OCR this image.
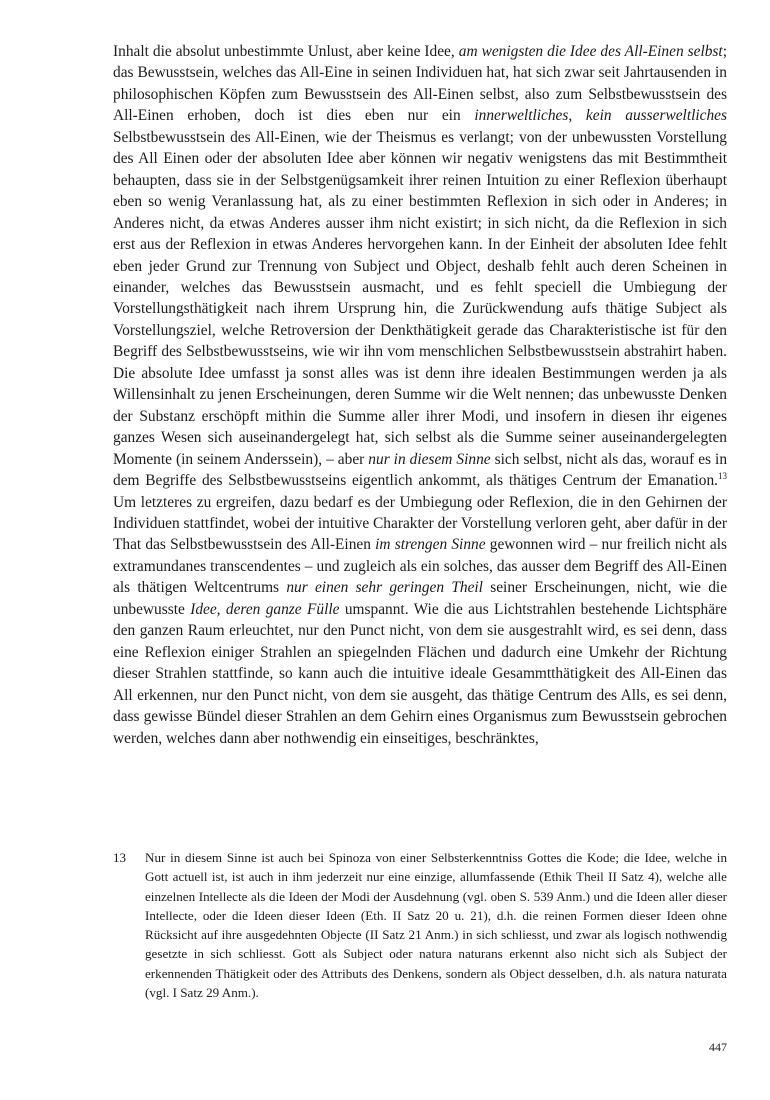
Inhalt die absolut unbestimmte Unlust, aber keine Idee, am wenigsten die Idee des All-Einen selbst; das Bewusstsein, welches das All-Eine in seinen Individuen hat, hat sich zwar seit Jahrtausenden in philosophischen Köpfen zum Bewusstsein des All-Einen selbst, also zum Selbstbewusstsein des All-Einen erhoben, doch ist dies eben nur ein innerweltliches, kein ausserweltliches Selbstbewusstsein des All-Einen, wie der Theismus es verlangt; von der unbewussten Vorstellung des All Einen oder der absoluten Idee aber können wir negativ wenigstens das mit Bestimmtheit behaupten, dass sie in der Selbstgenügsamkeit ihrer reinen Intuition zu einer Reflexion überhaupt eben so wenig Veranlassung hat, als zu einer bestimmten Reflexion in sich oder in Anderes; in Anderes nicht, da etwas Anderes ausser ihm nicht existirt; in sich nicht, da die Reflexion in sich erst aus der Reflexion in etwas Anderes hervorgehen kann. In der Einheit der absoluten Idee fehlt eben jeder Grund zur Trennung von Subject und Object, deshalb fehlt auch deren Scheinen in einander, welches das Bewusstsein ausmacht, und es fehlt speciell die Umbiegung der Vorstellungsthätigkeit nach ihrem Ursprung hin, die Zurückwendung aufs thätige Subject als Vorstellungsziel, welche Retroversion der Denkthätigkeit gerade das Charakteristische ist für den Begriff des Selbstbewusstseins, wie wir ihn vom menschlichen Selbstbewusstsein abstrahirt haben. Die absolute Idee umfasst ja sonst alles was ist denn ihre idealen Bestimmungen werden ja als Willensinhalt zu jenen Erscheinungen, deren Summe wir die Welt nennen; das unbewusste Denken der Substanz erschöpft mithin die Summe aller ihrer Modi, und insofern in diesen ihr eigenes ganzes Wesen sich auseinandergelegt hat, sich selbst als die Summe seiner auseinandergelegten Momente (in seinem Anderssein), – aber nur in diesem Sinne sich selbst, nicht als das, worauf es in dem Begriffe des Selbstbewusstseins eigentlich ankommt, als thätiges Centrum der Emanation.$^{13}$ Um letzteres zu ergreifen, dazu bedarf es der Umbiegung oder Reflexion, die in den Gehirnen der Individuen stattfindet, wobei der intuitive Charakter der Vorstellung verloren geht, aber dafür in der That das Selbstbewusstsein des All-Einen im strengen Sinne gewonnen wird – nur freilich nicht als extramundanes transcendentes – und zugleich als ein solches, das ausser dem Begriff des All-Einen als thätigen Weltcentrums nur einen sehr geringen Theil seiner Erscheinungen, nicht, wie die unbewusste Idee, deren ganze Fülle umspannt. Wie die aus Lichtstrahlen bestehende Lichtsphäre den ganzen Raum erleuchtet, nur den Punct nicht, von dem sie ausgestrahlt wird, es sei denn, dass eine Reflexion einiger Strahlen an spiegelnden Flächen und dadurch eine Umkehr der Richtung dieser Strahlen stattfinde, so kann auch die intuitive ideale Gesammtthätigkeit des All-Einen das All erkennen, nur den Punct nicht, von dem sie ausgeht, das thätige Centrum des Alls, es sei denn, dass gewisse Bündel dieser Strahlen an dem Gehirn eines Organismus zum Bewusstsein gebrochen werden, welches dann aber nothwendig ein einseitiges, beschränktes,

13	Nur in diesem Sinne ist auch bei Spinoza von einer Selbsterkenntniss Gottes die Kode; die Idee, welche in Gott actuell ist, ist auch in ihm jederzeit nur eine einzige, allumfassende (Ethik Theil II Satz 4), welche alle einzelnen Intellecte als die Ideen der Modi der Ausdehnung (vgl. oben S. 539 Anm.) und die Ideen aller dieser Intellecte, oder die Ideen dieser Ideen (Eth. II Satz 20 u. 21), d.h. die reinen Formen dieser Ideen ohne Rücksicht auf ihre ausgedehnten Objecte (II Satz 21 Anm.) in sich schliesst, und zwar als logisch nothwendig gesetzte in sich schliesst. Gott als Subject oder natura naturans erkennt also nicht sich als Subject der erkennenden Thätigkeit oder des Attributs des Denkens, sondern als Object desselben, d.h. als natura naturata (vgl. I Satz 29 Anm.).
447
